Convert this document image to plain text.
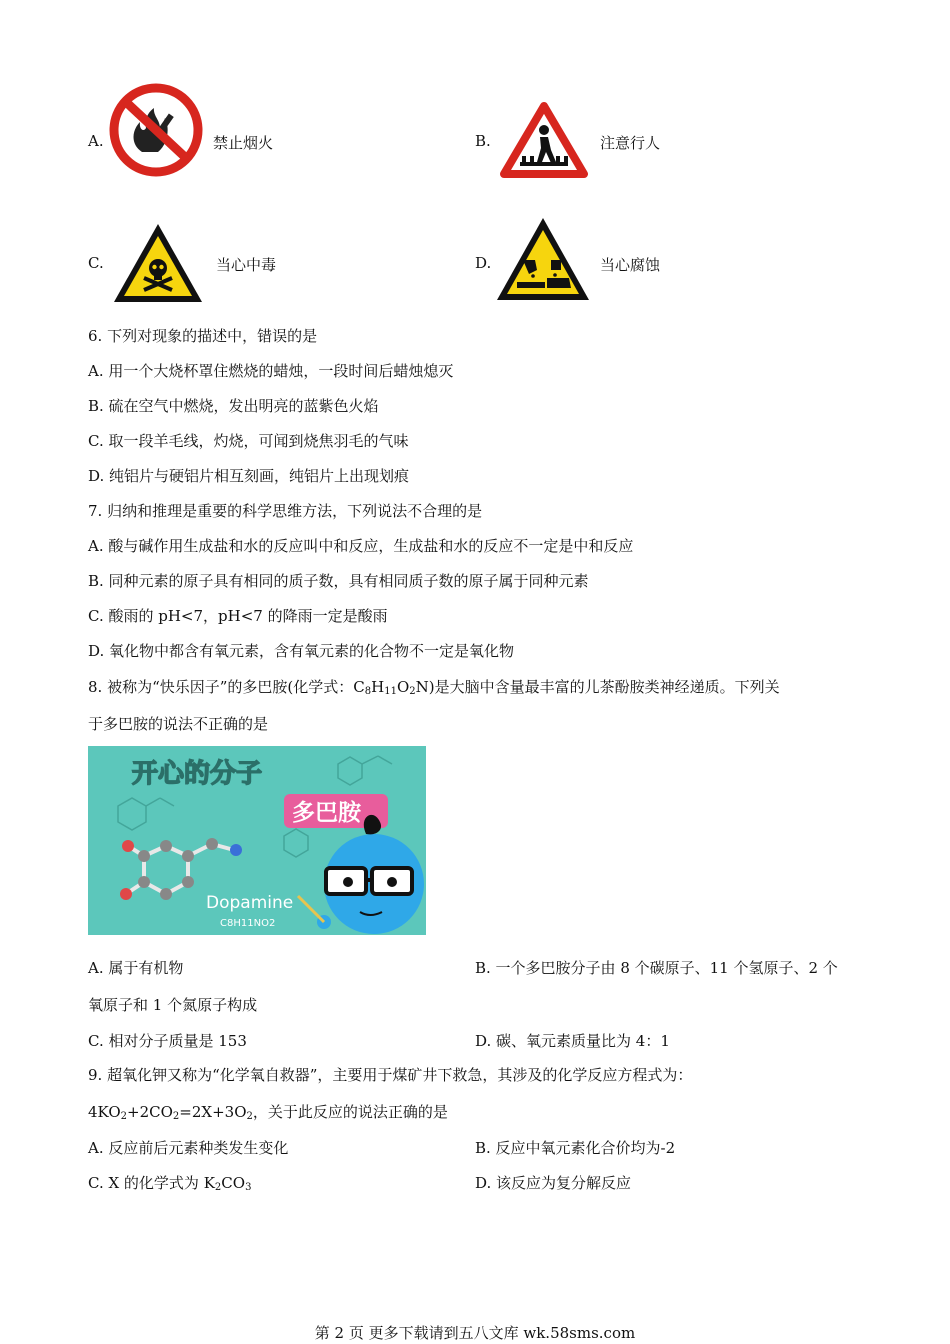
A.	禁止烟火	B.	注意行人
C.	当心中毒	D.	当心腐蚀
6. 下列对现象的描述中，错误的是
A. 用一个大烧杯罩住燃烧的蜡烛，一段时间后蜡烛熄灭
B. 硫在空气中燃烧，发出明亮的蓝紫色火焰
C. 取一段羊毛线，灼烧，可闻到烧焦羽毛的气味
D. 纯铝片与硬铝片相互刻画，纯铝片上出现划痕
7. 归纳和推理是重要的科学思维方法，下列说法不合理的是
A. 酸与碱作用生成盐和水的反应叫中和反应，生成盐和水的反应不一定是中和反应
B. 同种元素的原子具有相同的质子数，具有相同质子数的原子属于同种元素
C. 酸雨的 pH<7，pH<7 的降雨一定是酸雨
D. 氧化物中都含有氧元素，含有氧元素的化合物不一定是氧化物
8. 被称为“快乐因子”的多巴胺(化学式：$C_8H_{11}O_2N$)是大脑中含量最丰富的儿茶酚胺类神经递质。下列关
于多巴胺的说法不正确的是
开心的分子
多巴胺
Dopamine
C8H11NO2
A. 属于有机物	B. 一个多巴胺分子由 8 个碳原子、11 个氢原子、2 个
氧原子和 1 个氮原子构成
C. 相对分子质量是 153	D. 碳、氧元素质量比为 4：1
9. 超氧化钾又称为“化学氧自救器”，主要用于煤矿井下救急，其涉及的化学反应方程式为：
$4KO_2+2CO_2=2X+3O_2$，关于此反应的说法正确的是
A. 反应前后元素种类发生变化	B. 反应中氧元素化合价均为-2
C. X 的化学式为 $K_2CO_3$	D. 该反应为复分解反应
第 2 页 更多下载请到五八文库 wk.58sms.com
